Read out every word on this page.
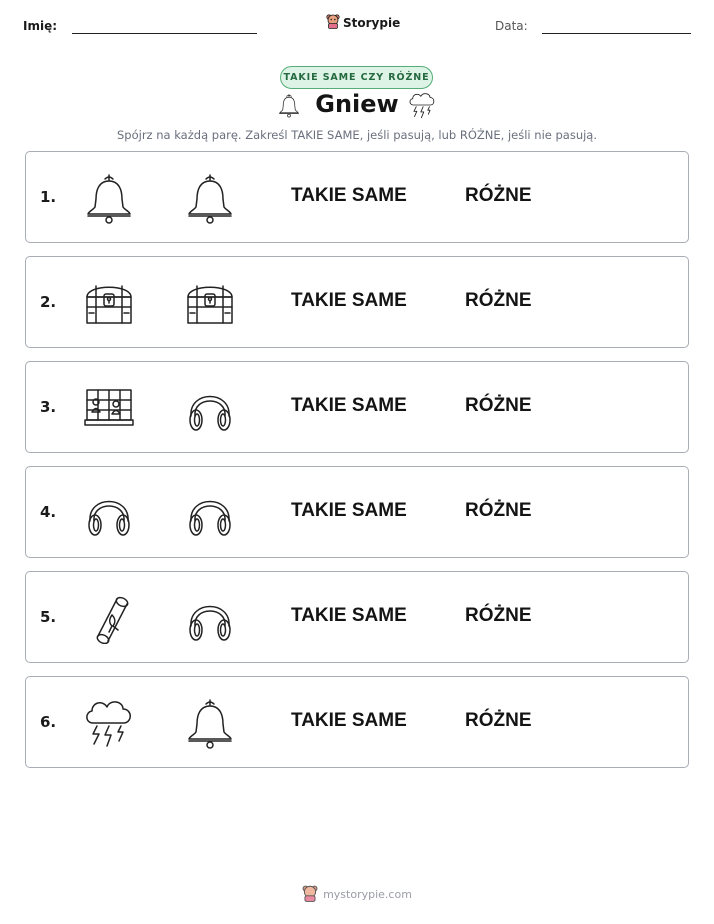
Imię:	Storypie	Data:
TAKIE SAME CZY RÓŻNE
Gniew
Spójrz na każdą parę. Zakreśl TAKIE SAME, jeśli pasują, lub RÓŻNE, jeśli nie pasują.
1.	TAKIE SAME	RÓŻNE
2.	TAKIE SAME	RÓŻNE
3.	TAKIE SAME	RÓŻNE
4.	TAKIE SAME	RÓŻNE
5.	TAKIE SAME	RÓŻNE
6.	TAKIE SAME	RÓŻNE
mystorypie.com
